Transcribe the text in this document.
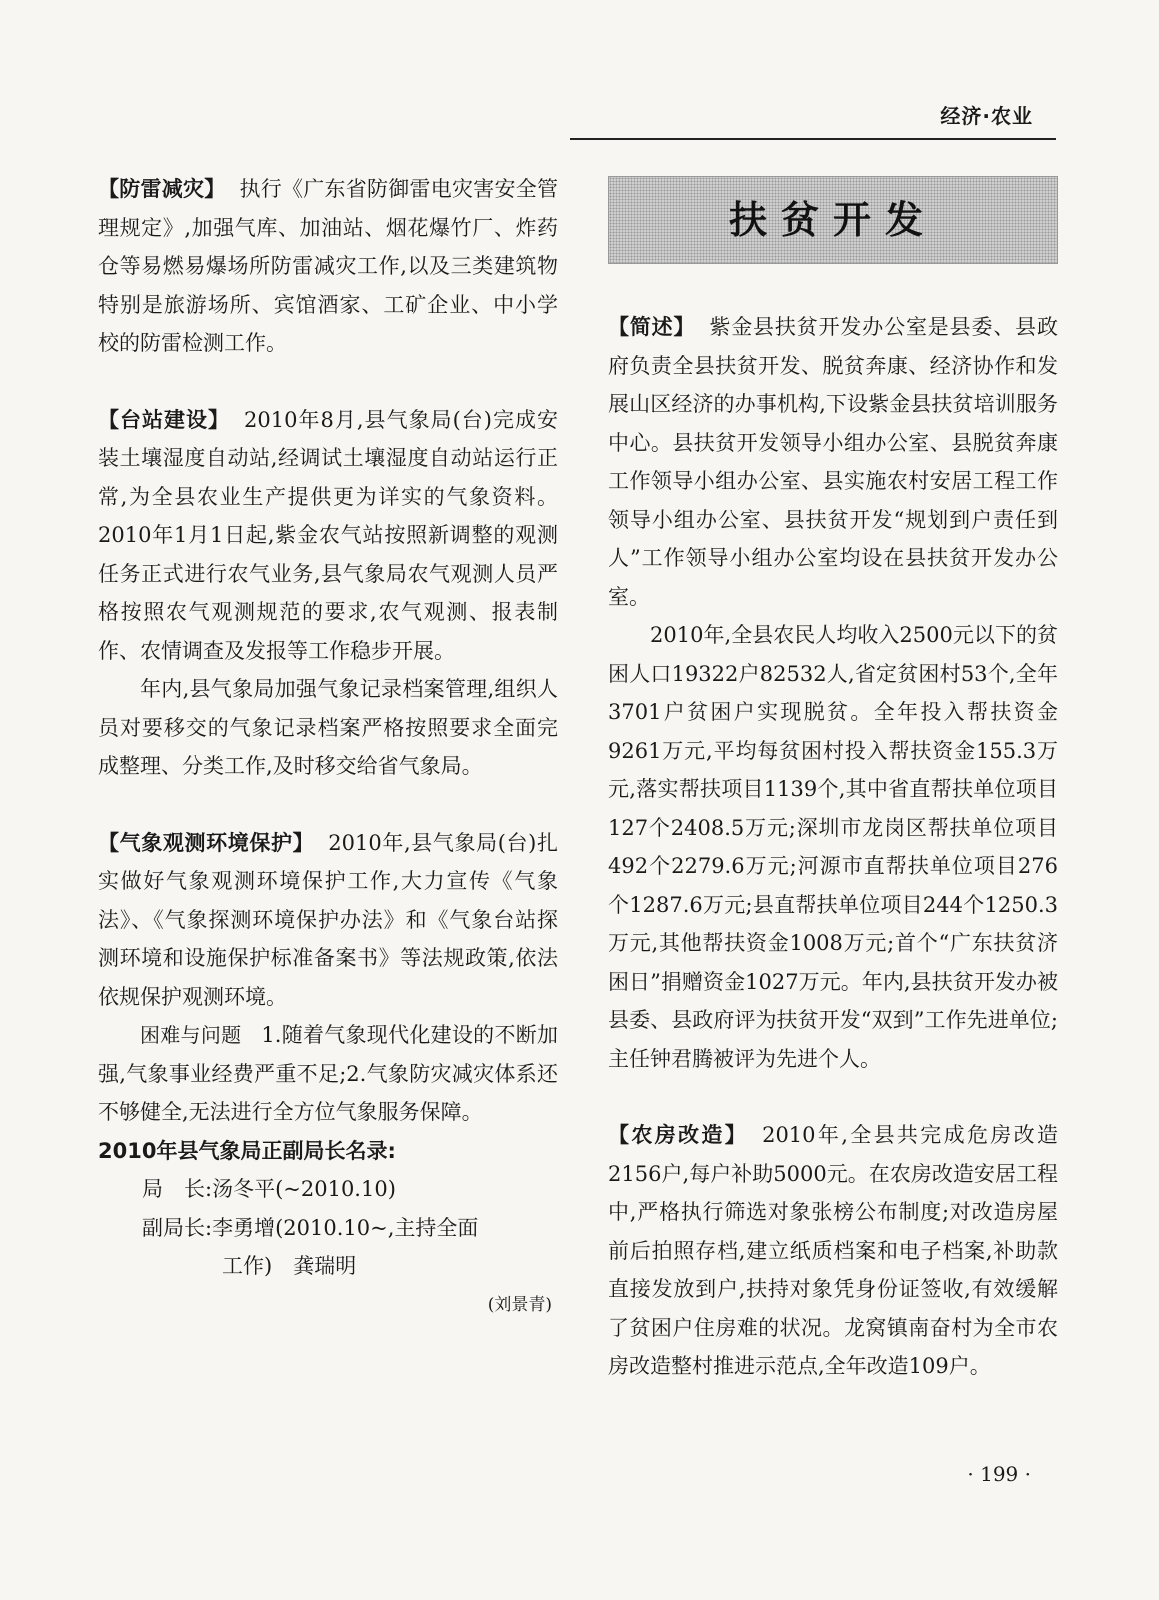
经济·农业

【防雷减灾】 执行《广东省防御雷电灾害安全管理规定》,加强气库、加油站、烟花爆竹厂、炸药仓等易燃易爆场所防雷减灾工作,以及三类建筑物特别是旅游场所、宾馆酒家、工矿企业、中小学校的防雷检测工作。

【台站建设】 2010年8月,县气象局(台)完成安装土壤湿度自动站,经调试土壤湿度自动站运行正常,为全县农业生产提供更为详实的气象资料。2010年1月1日起,紫金农气站按照新调整的观测任务正式进行农气业务,县气象局农气观测人员严格按照农气观测规范的要求,农气观测、报表制作、农情调查及发报等工作稳步开展。

年内,县气象局加强气象记录档案管理,组织人员对要移交的气象记录档案严格按照要求全面完成整理、分类工作,及时移交给省气象局。

【气象观测环境保护】 2010年,县气象局(台)扎实做好气象观测环境保护工作,大力宣传《气象法》、《气象探测环境保护办法》和《气象台站探测环境和设施保护标准备案书》等法规政策,依法依规保护观测环境。

困难与问题 1.随着气象现代化建设的不断加强,气象事业经费严重不足;2.气象防灾减灾体系还不够健全,无法进行全方位气象服务保障。

2010年县气象局正副局长名录:

局　长:汤冬平(~2010.10)

副局长:李勇增(2010.10~,主持全面

工作)　龚瑞明

(刘景青)

扶贫开发

【简述】 紫金县扶贫开发办公室是县委、县政府负责全县扶贫开发、脱贫奔康、经济协作和发展山区经济的办事机构,下设紫金县扶贫培训服务中心。县扶贫开发领导小组办公室、县脱贫奔康工作领导小组办公室、县实施农村安居工程工作领导小组办公室、县扶贫开发“规划到户责任到人”工作领导小组办公室均设在县扶贫开发办公室。

2010年,全县农民人均收入2500元以下的贫困人口19322户82532人,省定贫困村53个,全年3701户贫困户实现脱贫。全年投入帮扶资金9261万元,平均每贫困村投入帮扶资金155.3万元,落实帮扶项目1139个,其中省直帮扶单位项目127个2408.5万元;深圳市龙岗区帮扶单位项目492个2279.6万元;河源市直帮扶单位项目276个1287.6万元;县直帮扶单位项目244个1250.3万元,其他帮扶资金1008万元;首个“广东扶贫济困日”捐赠资金1027万元。年内,县扶贫开发办被县委、县政府评为扶贫开发“双到”工作先进单位;主任钟君腾被评为先进个人。

【农房改造】 2010年,全县共完成危房改造2156户,每户补助5000元。在农房改造安居工程中,严格执行筛选对象张榜公布制度;对改造房屋前后拍照存档,建立纸质档案和电子档案,补助款直接发放到户,扶持对象凭身份证签收,有效缓解了贫困户住房难的状况。龙窝镇南奋村为全市农房改造整村推进示范点,全年改造109户。

· 199 ·
